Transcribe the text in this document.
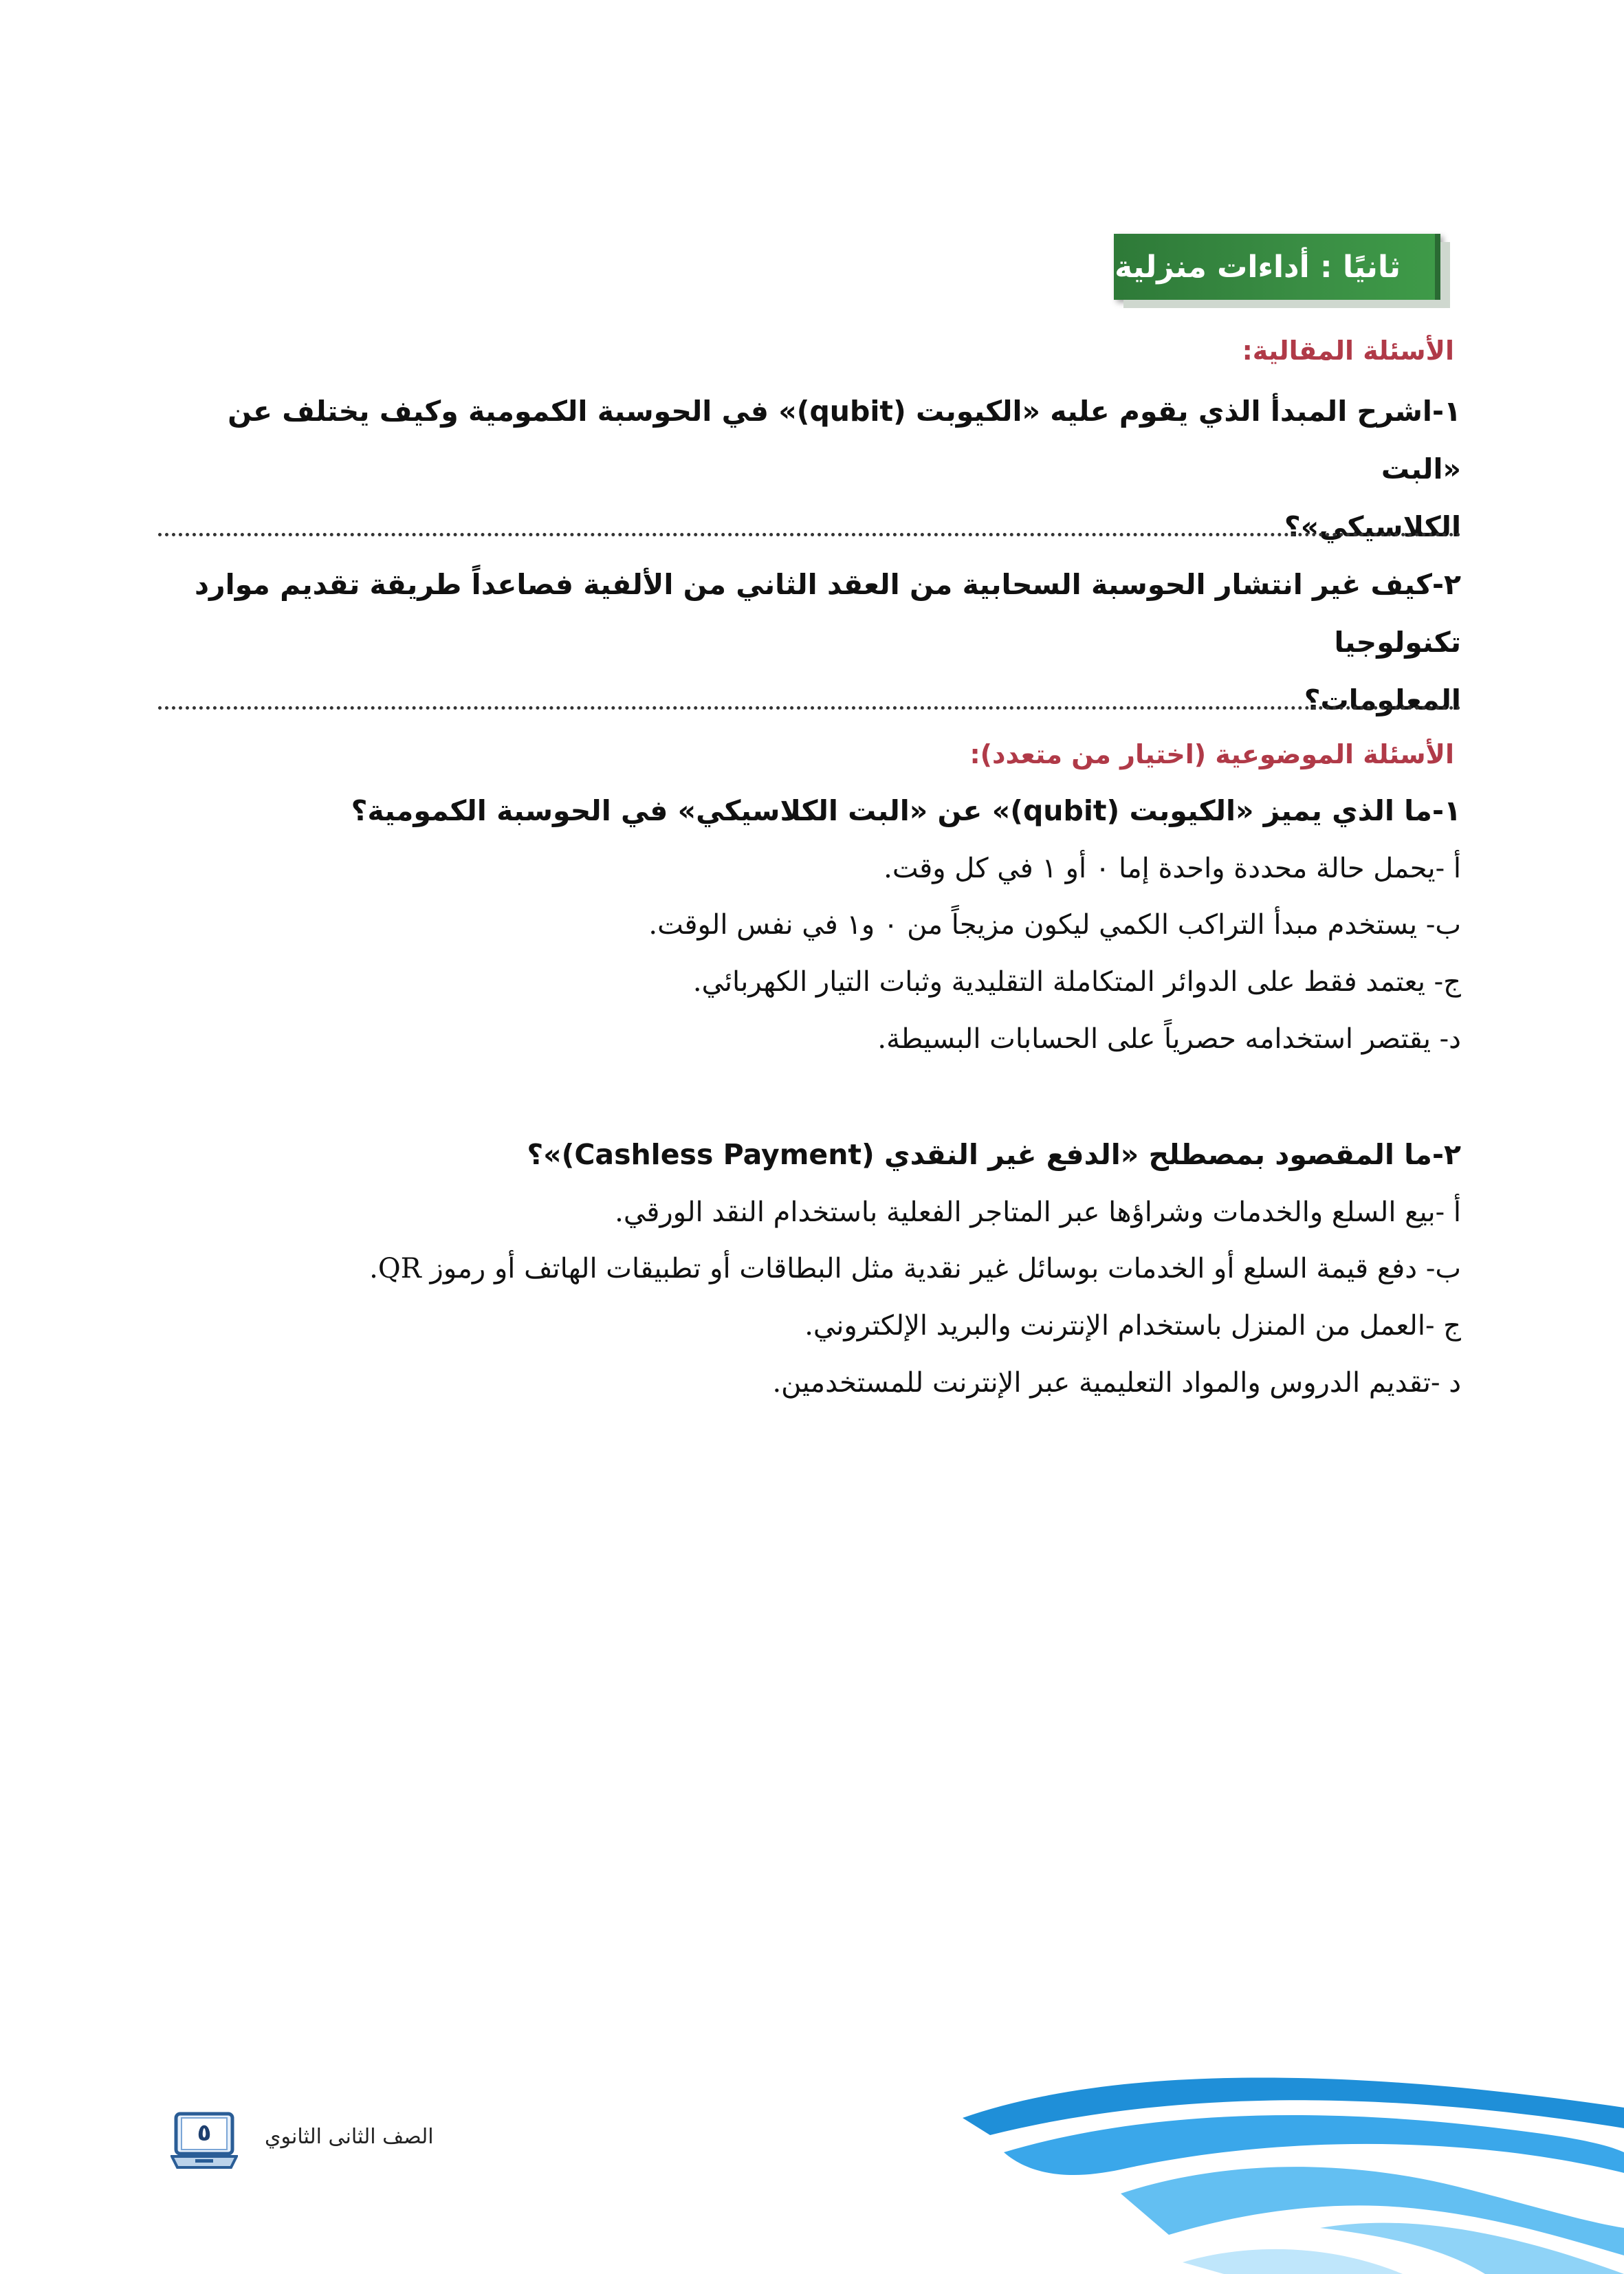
ثانيًا : أداءات منزلية

الأسئلة المقالية:

١-اشرح المبدأ الذي يقوم عليه «الكيوبت (qubit)» في الحوسبة الكمومية وكيف يختلف عن «البت
الكلاسيكي»؟

٢-كيف غير انتشار الحوسبة السحابية من العقد الثاني من الألفية فصاعداً طريقة تقديم موارد تكنولوجيا
المعلومات؟

الأسئلة الموضوعية (اختيار من متعدد):

١-ما الذي يميز «الكيوبت (qubit)» عن «البت الكلاسيكي» في الحوسبة الكمومية؟

أ -يحمل حالة محددة واحدة إما ٠ أو ١ في كل وقت.

ب- يستخدم مبدأ التراكب الكمي ليكون مزيجاً من ٠ و١ في نفس الوقت.

ج- يعتمد فقط على الدوائر المتكاملة التقليدية وثبات التيار الكهربائي.

د- يقتصر استخدامه حصرياً على الحسابات البسيطة.

٢-ما المقصود بمصطلح «الدفع غير النقدي (Cashless Payment)»؟

أ -بيع السلع والخدمات وشراؤها عبر المتاجر الفعلية باستخدام النقد الورقي.

ب- دفع قيمة السلع أو الخدمات بوسائل غير نقدية مثل البطاقات أو تطبيقات الهاتف أو رموز QR.

ج -العمل من المنزل باستخدام الإنترنت والبريد الإلكتروني.

د -تقديم الدروس والمواد التعليمية عبر الإنترنت للمستخدمين.

الصف الثانى الثانوي
٥
